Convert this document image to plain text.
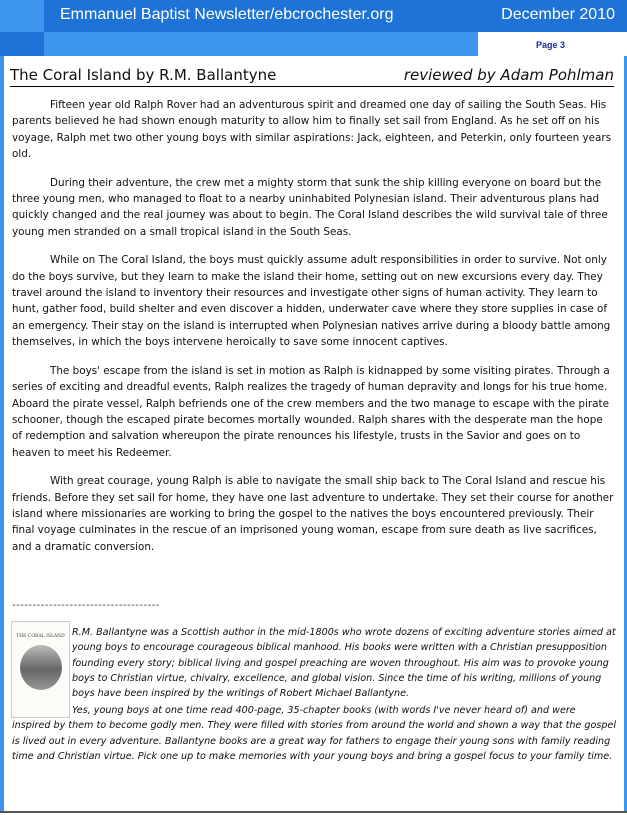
Emmanuel Baptist Newsletter/ebcrochester.org	December 2010
Page 3
The Coral Island by R.M. Ballantyne	reviewed by Adam Pohlman

Fifteen year old Ralph Rover had an adventurous spirit and dreamed one day of sailing the South Seas. His parents believed he had shown enough maturity to allow him to finally set sail from England. As he set off on his voyage, Ralph met two other young boys with similar aspirations: Jack, eighteen, and Peterkin, only fourteen years old.

During their adventure, the crew met a mighty storm that sunk the ship killing everyone on board but the three young men, who managed to float to a nearby uninhabited Polynesian island. Their adventurous plans had quickly changed and the real journey was about to begin. The Coral Island describes the wild survival tale of three young men stranded on a small tropical island in the South Seas.

While on The Coral Island, the boys must quickly assume adult responsibilities in order to survive. Not only do the boys survive, but they learn to make the island their home, setting out on new excursions every day. They travel around the island to inventory their resources and investigate other signs of human activity. They learn to hunt, gather food, build shelter and even discover a hidden, underwater cave where they store supplies in case of an emergency. Their stay on the island is interrupted when Polynesian natives arrive during a bloody battle among themselves, in which the boys intervene heroically to save some innocent captives.

The boys' escape from the island is set in motion as Ralph is kidnapped by some visiting pirates. Through a series of exciting and dreadful events, Ralph realizes the tragedy of human depravity and longs for his true home. Aboard the pirate vessel, Ralph befriends one of the crew members and the two manage to escape with the pirate schooner, though the escaped pirate becomes mortally wounded. Ralph shares with the desperate man the hope of redemption and salvation whereupon the pirate renounces his lifestyle, trusts in the Savior and goes on to heaven to meet his Redeemer.

With great courage, young Ralph is able to navigate the small ship back to The Coral Island and rescue his friends. Before they set sail for home, they have one last adventure to undertake. They set their course for another island where missionaries are working to bring the gospel to the natives the boys encountered previously. Their final voyage culminates in the rescue of an imprisoned young woman, escape from sure death as live sacrifices, and a dramatic conversion.

------------------------------------
THE CORAL ISLAND R.M. Ballantyne was a Scottish author in the mid-1800s who wrote dozens of exciting adventure stories aimed at young boys to encourage courageous biblical manhood. His books were written with a Christian presupposition founding every story; biblical living and gospel preaching are woven throughout. His aim was to provoke young boys to Christian virtue, chivalry, excellence, and global vision. Since the time of his writing, millions of young boys have been inspired by the writings of Robert Michael Ballantyne.
Yes, young boys at one time read 400-page, 35-chapter books (with words I've never heard of) and were inspired by them to become godly men. They were filled with stories from around the world and shown a way that the gospel is lived out in every adventure. Ballantyne books are a great way for fathers to engage their young sons with family reading time and Christian virtue. Pick one up to make memories with your young boys and bring a gospel focus to your family time.
